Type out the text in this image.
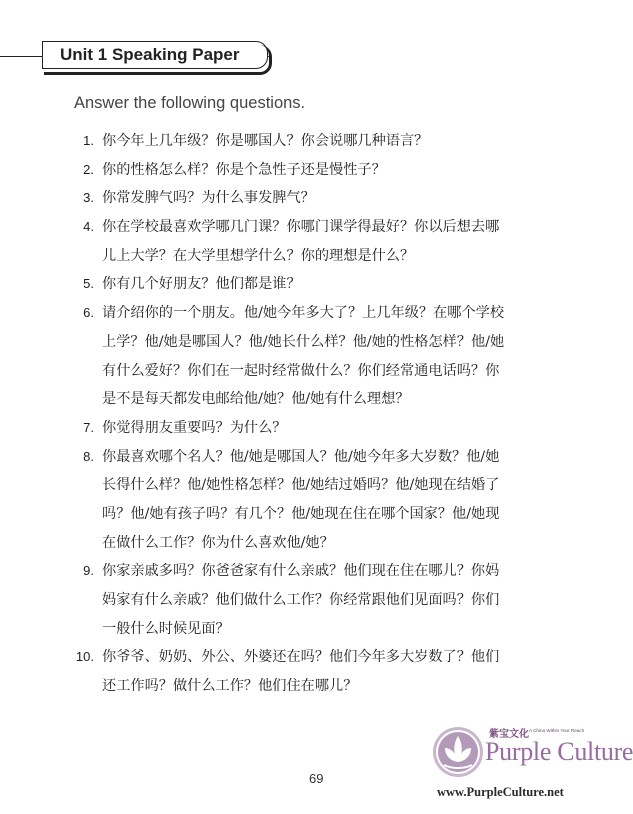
Unit 1 Speaking Paper
Answer the following questions.
1. 你今年上几年级？你是哪国人？你会说哪几种语言？
2. 你的性格怎么样？你是个急性子还是慢性子？
3. 你常发脾气吗？为什么事发脾气？
4. 你在学校最喜欢学哪几门课？你哪门课学得最好？你以后想去哪
儿上大学？在大学里想学什么？你的理想是什么？
5. 你有几个好朋友？他们都是谁？
6. 请介绍你的一个朋友。他/她今年多大了？上几年级？在哪个学校
上学？他/她是哪国人？他/她长什么样？他/她的性格怎样？他/她
有什么爱好？你们在一起时经常做什么？你们经常通电话吗？你
是不是每天都发电邮给他/她？他/她有什么理想？
7. 你觉得朋友重要吗？为什么？
8. 你最喜欢哪个名人？他/她是哪国人？他/她今年多大岁数？他/她
长得什么样？他/她性格怎样？他/她结过婚吗？他/她现在结婚了
吗？他/她有孩子吗？有几个？他/她现在住在哪个国家？他/她现
在做什么工作？你为什么喜欢他/她？
9. 你家亲戚多吗？你爸爸家有什么亲戚？他们现在住在哪儿？你妈
妈家有什么亲戚？他们做什么工作？你经常跟他们见面吗？你们
一般什么时候见面？
10. 你爷爷、奶奶、外公、外婆还在吗？他们今年多大岁数了？他们
还工作吗？做什么工作？他们住在哪儿？
69
紫宝文化 A China Within Your Reach
Purple Culture
www.PurpleCulture.net
